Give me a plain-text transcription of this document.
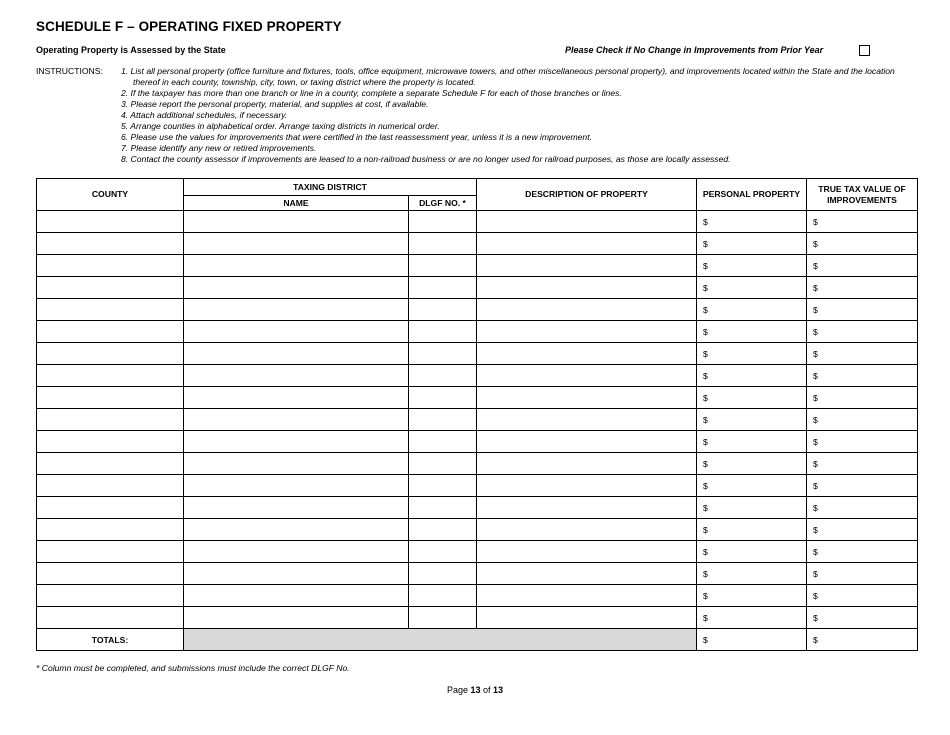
SCHEDULE F – OPERATING FIXED PROPERTY
Operating Property is Assessed by the State	Please Check if No Change in Improvements from Prior Year
INSTRUCTIONS: 1. List all personal property (office furniture and fixtures, tools, office equipment, microwave towers, and other miscellaneous personal property), and improvements located within the State and the location thereof in each county, township, city, town, or taxing district where the property is located.
2. If the taxpayer has more than one branch or line in a county, complete a separate Schedule F for each of those branches or lines.
3. Please report the personal property, material, and supplies at cost, if available.
4. Attach additional schedules, if necessary.
5. Arrange counties in alphabetical order. Arrange taxing districts in numerical order.
6. Please use the values for improvements that were certified in the last reassessment year, unless it is a new improvement.
7. Please identify any new or retired improvements.
8. Contact the county assessor if improvements are leased to a non-railroad business or are no longer used for railroad purposes, as those are locally assessed.
COUNTY	TAXING DISTRICT		DESCRIPTION OF PROPERTY	PERSONAL PROPERTY	TRUE TAX VALUE OF IMPROVEMENTS
	NAME	DLGF NO. *			
				$	$
				$	$
				$	$
				$	$
				$	$
				$	$
				$	$
				$	$
				$	$
				$	$
				$	$
				$	$
				$	$
				$	$
				$	$
				$	$
				$	$
				$	$
				$	$
TOTALS:				$	$
* Column must be completed, and submissions must include the correct DLGF No.
Page 13 of 13
